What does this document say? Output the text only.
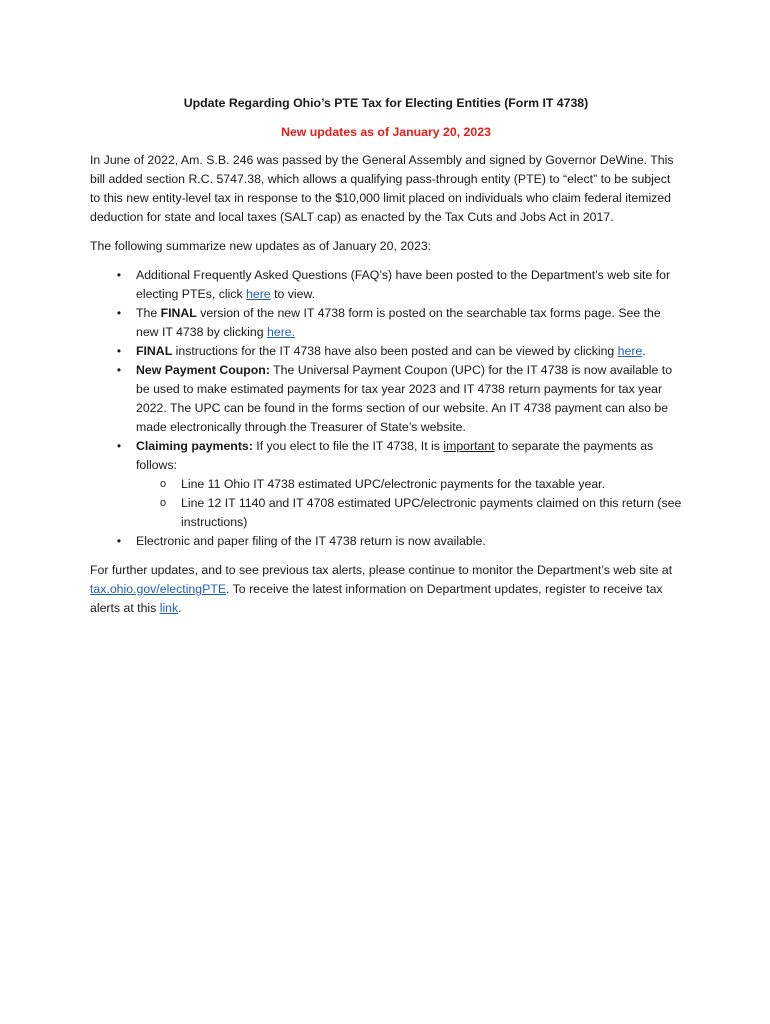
Update Regarding Ohio’s PTE Tax for Electing Entities (Form IT 4738)
New updates as of January 20, 2023

In June of 2022, Am. S.B. 246 was passed by the General Assembly and signed by Governor DeWine. This bill added section R.C. 5747.38, which allows a qualifying pass-through entity (PTE) to “elect” to be subject to this new entity-level tax in response to the $10,000 limit placed on individuals who claim federal itemized deduction for state and local taxes (SALT cap) as enacted by the Tax Cuts and Jobs Act in 2017.

The following summarize new updates as of January 20, 2023:

• Additional Frequently Asked Questions (FAQ’s) have been posted to the Department’s web site for electing PTEs, click here to view.
• The FINAL version of the new IT 4738 form is posted on the searchable tax forms page. See the new IT 4738 by clicking here.
• FINAL instructions for the IT 4738 have also been posted and can be viewed by clicking here.
• New Payment Coupon: The Universal Payment Coupon (UPC) for the IT 4738 is now available to be used to make estimated payments for tax year 2023 and IT 4738 return payments for tax year 2022. The UPC can be found in the forms section of our website. An IT 4738 payment can also be made electronically through the Treasurer of State’s website.
• Claiming payments: If you elect to file the IT 4738, It is important to separate the payments as follows:
o Line 11 Ohio IT 4738 estimated UPC/electronic payments for the taxable year.
o Line 12 IT 1140 and IT 4708 estimated UPC/electronic payments claimed on this return (see instructions)
• Electronic and paper filing of the IT 4738 return is now available.

For further updates, and to see previous tax alerts, please continue to monitor the Department’s web site at tax.ohio.gov/electingPTE. To receive the latest information on Department updates, register to receive tax alerts at this link.
